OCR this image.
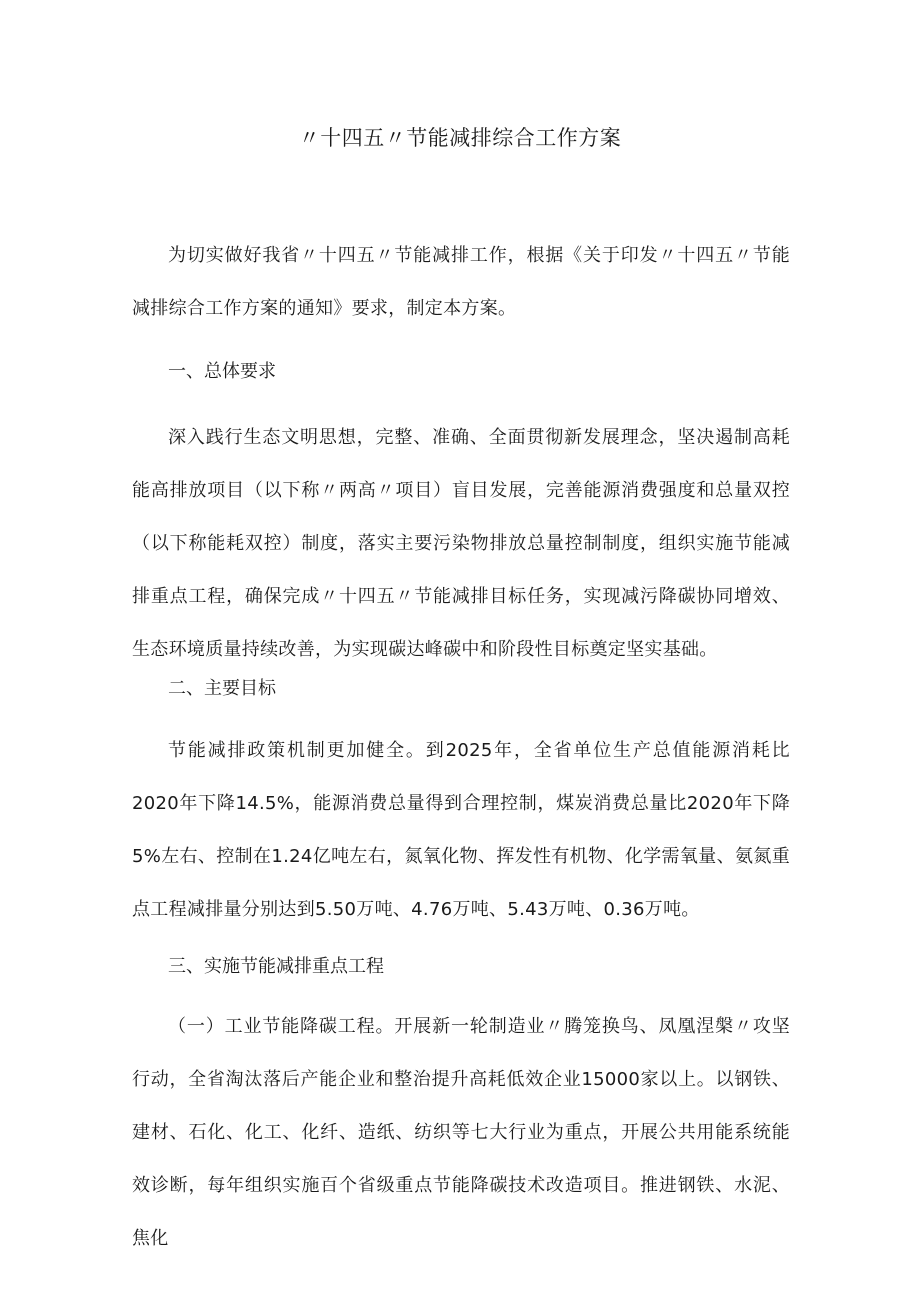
〃十四五〃节能减排综合工作方案

为切实做好我省〃十四五〃节能减排工作，根据《关于印发〃十四五〃节能减排综合工作方案的通知》要求，制定本方案。

一、总体要求

深入践行生态文明思想，完整、准确、全面贯彻新发展理念，坚决遏制高耗能高排放项目（以下称〃两高〃项目）盲目发展，完善能源消费强度和总量双控（以下称能耗双控）制度，落实主要污染物排放总量控制制度，组织实施节能减排重点工程，确保完成〃十四五〃节能减排目标任务，实现减污降碳协同增效、生态环境质量持续改善，为实现碳达峰碳中和阶段性目标奠定坚实基础。

二、主要目标

节能减排政策机制更加健全。到2025年，全省单位生产总值能源消耗比2020年下降14.5%，能源消费总量得到合理控制，煤炭消费总量比2020年下降5%左右、控制在1.24亿吨左右，氮氧化物、挥发性有机物、化学需氧量、氨氮重点工程减排量分别达到5.50万吨、4.76万吨、5.43万吨、0.36万吨。

三、实施节能减排重点工程

（一）工业节能降碳工程。开展新一轮制造业〃腾笼换鸟、凤凰涅槃〃攻坚行动，全省淘汰落后产能企业和整治提升高耗低效企业15000家以上。以钢铁、建材、石化、化工、化纤、造纸、纺织等七大行业为重点，开展公共用能系统能效诊断，每年组织实施百个省级重点节能降碳技术改造项目。推进钢铁、水泥、焦化
